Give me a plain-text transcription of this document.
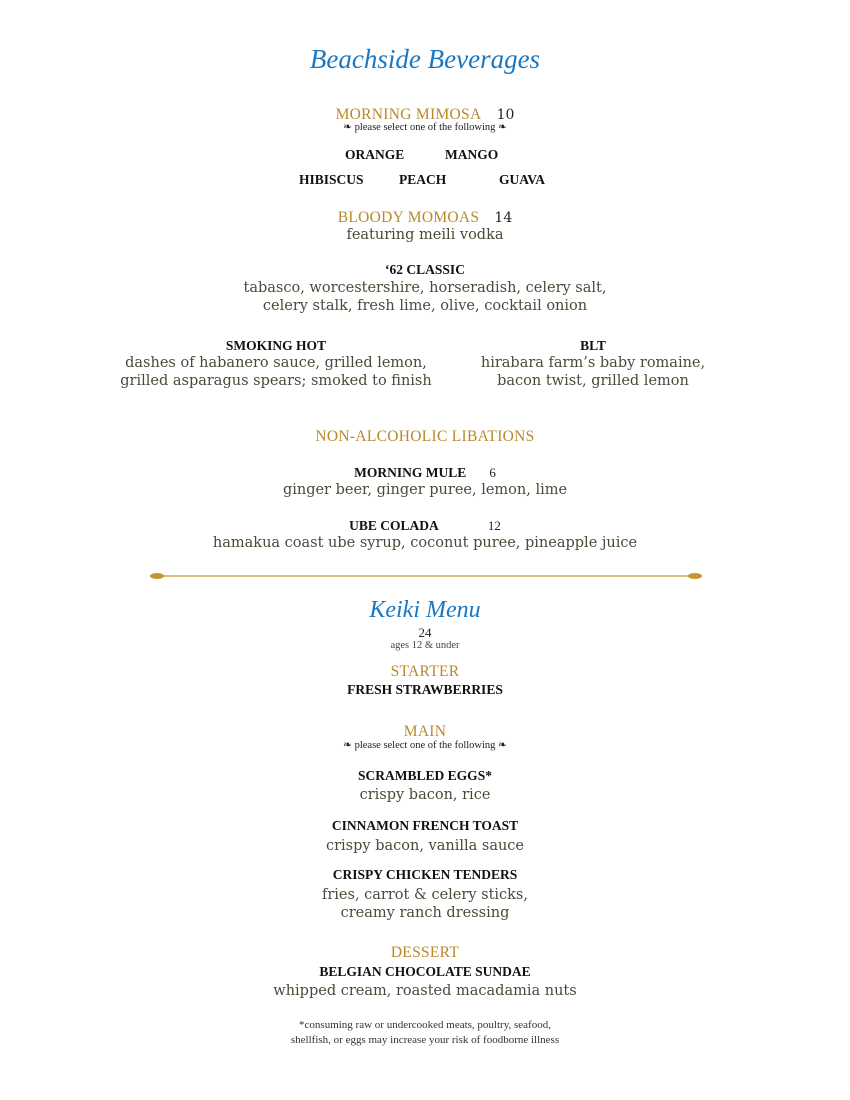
Beachside Beverages
MORNING MIMOSA 10
❧ please select one of the following ❧
ORANGE	MANGO
HIBISCUS	PEACH	GUAVA
BLOODY MOMOAS 14
featuring meili vodka
‘62 CLASSIC
tabasco, worcestershire, horseradish, celery salt,
celery stalk, fresh lime, olive, cocktail onion
SMOKING HOT
dashes of habanero sauce, grilled lemon,
grilled asparagus spears; smoked to finish
BLT
hirabara farm’s baby romaine,
bacon twist, grilled lemon
NON-ALCOHOLIC LIBATIONS
MORNING MULE 6
ginger beer, ginger puree, lemon, lime
UBE COLADA	12
hamakua coast ube syrup, coconut puree, pineapple juice
Keiki Menu
24
ages 12 & under
STARTER
FRESH STRAWBERRIES
MAIN
❧ please select one of the following ❧
SCRAMBLED EGGS*
crispy bacon, rice
CINNAMON FRENCH TOAST
crispy bacon, vanilla sauce
CRISPY CHICKEN TENDERS
fries, carrot & celery sticks,
creamy ranch dressing
DESSERT
BELGIAN CHOCOLATE SUNDAE
whipped cream, roasted macadamia nuts
*consuming raw or undercooked meats, poultry, seafood,
shellfish, or eggs may increase your risk of foodborne illness
